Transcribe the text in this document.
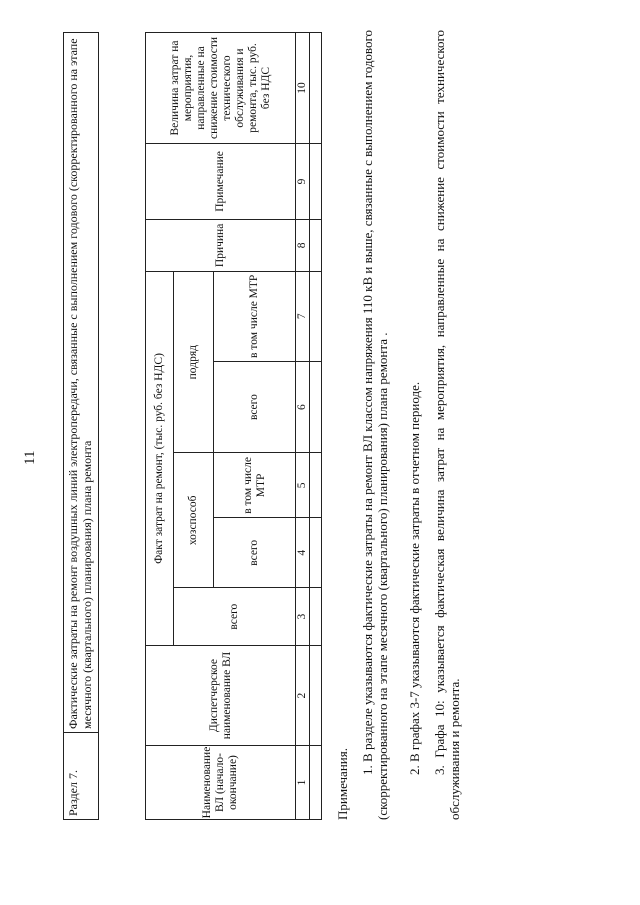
11
Раздел 7.	Фактические затраты на ремонт воздушных линий электропередачи, связанные с выполнением годового (скорректированного на этапе месячного (квартального) планирования) плана ремонта
Наименование ВЛ (начало-окончание)	Диспетчерское наименование ВЛ	Факт затрат на ремонт, (тыс. руб. без НДС)					Причина	Примечание	Величина затрат на мероприятия, направленные на снижение стоимости технического обслуживания и ремонта, тыс. руб. без НДС
		всего	хозспособ		подряд				
			всего	в том числе МТР	всего	в том числе МТР			
1	2	3	4	5	6	7	8	9	10

Примечания.
1. В разделе указываются фактические затраты на ремонт ВЛ классом напряжения 110 кВ и выше, связанные с выполнением годового (скорректированного на этапе месячного (квартального) планирования) плана ремонта . 2. В графах 3-7 указываются фактические затраты в отчетном периоде. 3. Графа 10: указывается фактическая величина затрат на мероприятия, направленные на снижение стоимости технического обслуживания и ремонта.
